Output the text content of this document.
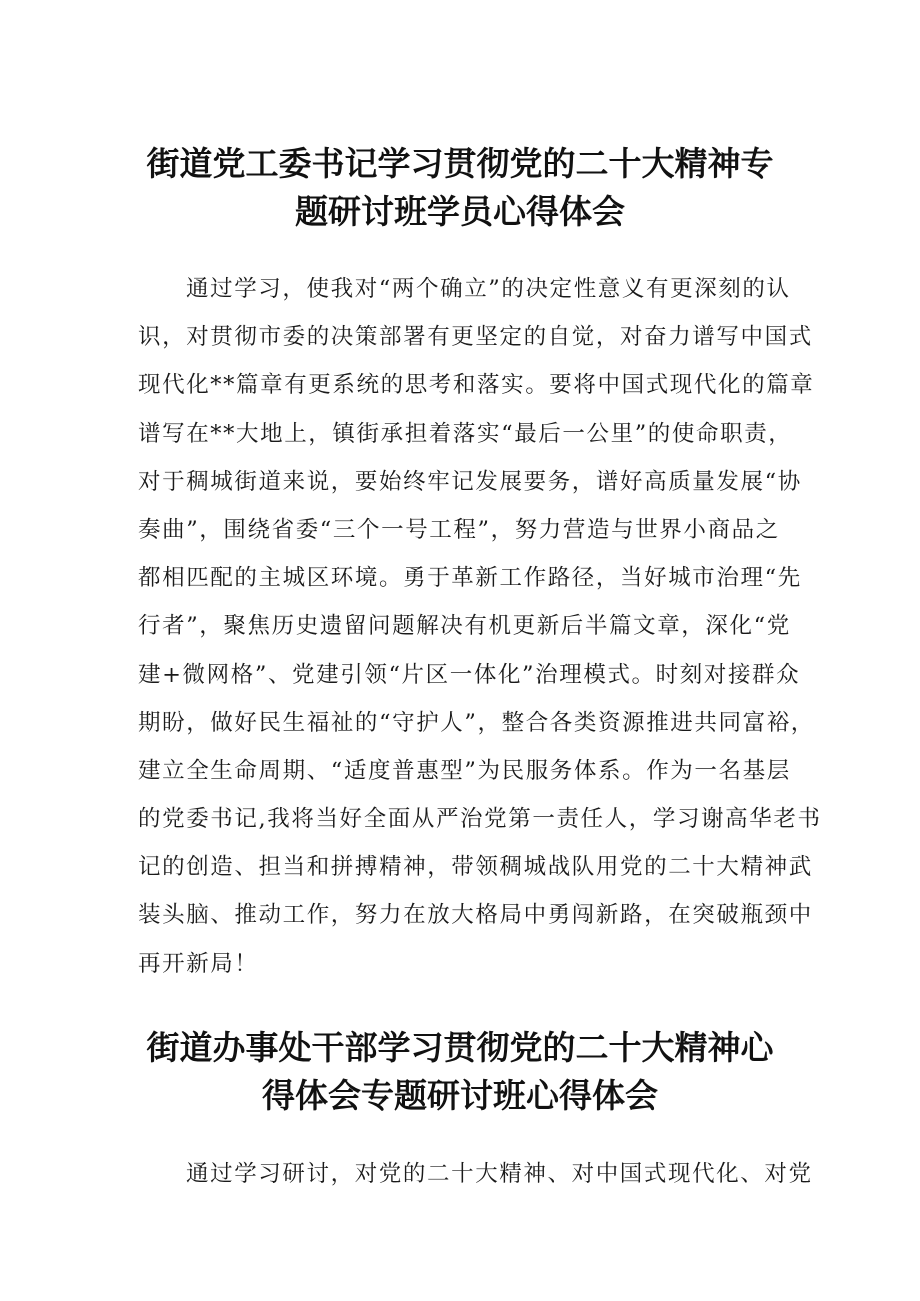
街道党工委书记学习贯彻党的二十大精神专
题研讨班学员心得体会
通过学习，使我对“两个确立”的决定性意义有更深刻的认
识，对贯彻市委的决策部署有更坚定的自觉，对奋力谱写中国式
现代化**篇章有更系统的思考和落实。要将中国式现代化的篇章
谱写在**大地上，镇街承担着落实“最后一公里”的使命职责，
对于稠城街道来说，要始终牢记发展要务，谱好高质量发展“协
奏曲”，围绕省委“三个一号工程”，努力营造与世界小商品之
都相匹配的主城区环境。勇于革新工作路径，当好城市治理“先
行者”，聚焦历史遗留问题解决有机更新后半篇文章，深化“党
建+微网格”、党建引领“片区一体化”治理模式。时刻对接群众
期盼，做好民生福祉的“守护人”，整合各类资源推进共同富裕，
建立全生命周期、“适度普惠型”为民服务体系。作为一名基层
的党委书记,我将当好全面从严治党第一责任人，学习谢高华老书
记的创造、担当和拼搏精神，带领稠城战队用党的二十大精神武
装头脑、推动工作，努力在放大格局中勇闯新路，在突破瓶颈中
再开新局！
街道办事处干部学习贯彻党的二十大精神心
得体会专题研讨班心得体会
通过学习研讨，对党的二十大精神、对中国式现代化、对党
